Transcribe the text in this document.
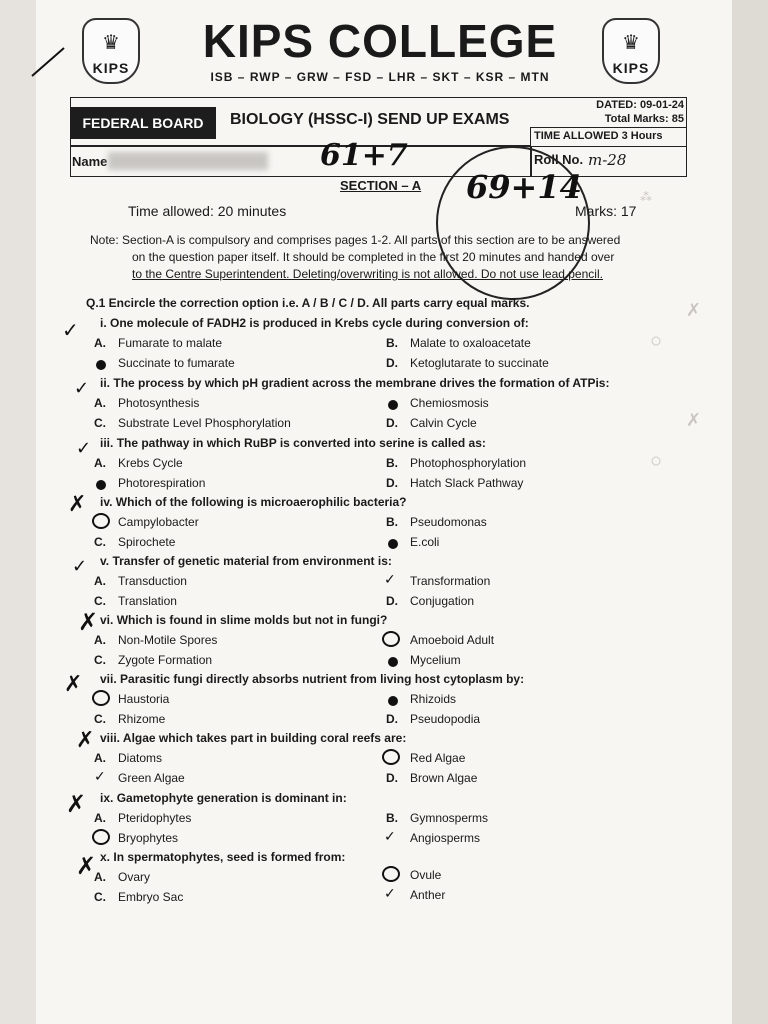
♛
KIPS
♛
KIPS
KIPS COLLEGE
ISB – RWP – GRW – FSD – LHR – SKT – KSR – MTN
FEDERAL BOARD	BIOLOGY (HSSC-I) SEND UP EXAMS
DATED: 09-01-24
Total Marks: 85
TIME ALLOWED 3 Hours
Name	Roll No. m-28
61+7
69+14
SECTION – A
Time allowed: 20 minutes	Marks: 17
Note: Section-A is compulsory and comprises pages 1-2. All parts of this section are to be answered
on the question paper itself. It should be completed in the first 20 minutes and handed over
to the Centre Superintendent. Deleting/overwriting is not allowed. Do not use lead pencil.
Q.1 Encircle the correction option i.e. A / B / C / D. All parts carry equal marks.
i. One molecule of FADH2 is produced in Krebs cycle during conversion of:
A. Fumarate to malate	B. Malate to oxaloacetate
Succinate to fumarate	D. Ketoglutarate to succinate
✓
ii. The process by which pH gradient across the membrane drives the formation of ATPis:
A. Photosynthesis	Chemiosmosis
C. Substrate Level Phosphorylation	D. Calvin Cycle
✓
iii. The pathway in which RuBP is converted into serine is called as:
A. Krebs Cycle	B. Photophosphorylation
Photorespiration	D. Hatch Slack Pathway
✓
iv. Which of the following is microaerophilic bacteria?
Campylobacter	B. Pseudomonas
C. Spirochete	E.coli
✗
v. Transfer of genetic material from environment is:
A. Transduction	Transformation
C. Translation	D. Conjugation
✓
✓
vi. Which is found in slime molds but not in fungi?
A. Non-Motile Spores	Amoeboid Adult
C. Zygote Formation	Mycelium
✗
vii. Parasitic fungi directly absorbs nutrient from living host cytoplasm by:
Haustoria	Rhizoids
C. Rhizome	D. Pseudopodia
✗
viii. Algae which takes part in building coral reefs are:
A. Diatoms	Red Algae
Green Algae	D. Brown Algae
✓
✗
ix. Gametophyte generation is dominant in:
A. Pteridophytes	B. Gymnosperms
Bryophytes	Angiosperms
✓
✗
x. In spermatophytes, seed is formed from:
A. Ovary	Ovule
C. Embryo Sac	Anther
✓
✗
⁂
○
○
✗
✗
